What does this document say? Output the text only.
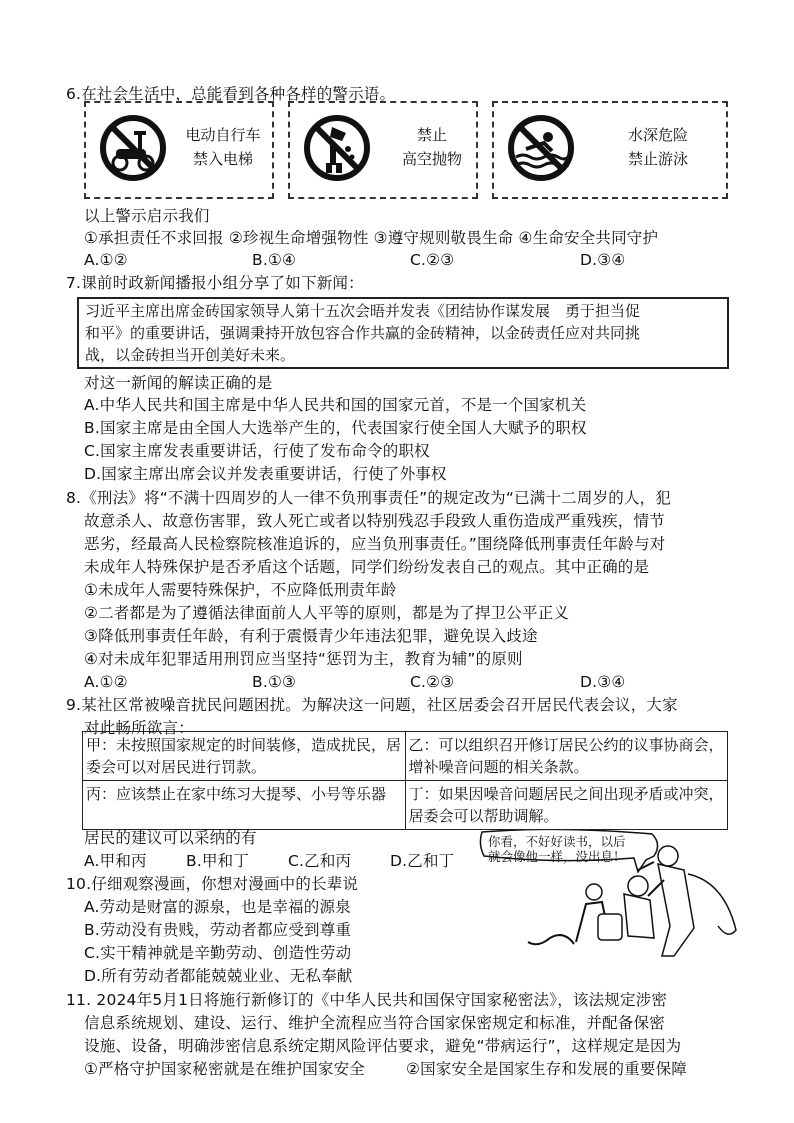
6.在社会生活中，总能看到各种各样的警示语。
电动自行车
禁入电梯
禁止
高空抛物
水深危险
禁止游泳
以上警示启示我们
①承担责任不求回报 ②珍视生命增强物性 ③遵守规则敬畏生命 ④生命安全共同守护
A.①②	B.①④	C.②③	D.③④
7.课前时政新闻播报小组分享了如下新闻：
习近平主席出席金砖国家领导人第十五次会晤并发表《团结协作谋发展　勇于担当促
和平》的重要讲话，强调秉持开放包容合作共赢的金砖精神，以金砖责任应对共同挑
战，以金砖担当开创美好未来。
对这一新闻的解读正确的是
A.中华人民共和国主席是中华人民共和国的国家元首，不是一个国家机关
B.国家主席是由全国人大选举产生的，代表国家行使全国人大赋予的职权
C.国家主席发表重要讲话，行使了发布命令的职权
D.国家主席出席会议并发表重要讲话，行使了外事权
8.《刑法》将“不满十四周岁的人一律不负刑事责任”的规定改为“已满十二周岁的人，犯
故意杀人、故意伤害罪，致人死亡或者以特别残忍手段致人重伤造成严重残疾，情节
恶劣，经最高人民检察院核准追诉的，应当负刑事责任。”围绕降低刑事责任年龄与对
未成年人特殊保护是否矛盾这个话题，同学们纷纷发表自己的观点。其中正确的是
①未成年人需要特殊保护，不应降低刑责年龄
②二者都是为了遵循法律面前人人平等的原则，都是为了捍卫公平正义
③降低刑事责任年龄，有利于震慑青少年违法犯罪，避免误入歧途
④对未成年犯罪适用刑罚应当坚持“惩罚为主，教育为辅”的原则
A.①②	B.①③	C.②③	D.③④
9.某社区常被噪音扰民问题困扰。为解决这一问题，社区居委会召开居民代表会议，大家
对此畅所欲言：
甲：未按照国家规定的时间装修，造成扰民，居委会可以对居民进行罚款。	乙：可以组织召开修订居民公约的议事协商会，增补噪音问题的相关条款。
丙：应该禁止在家中练习大提琴、小号等乐器	丁：如果因噪音问题居民之间出现矛盾或冲突，居委会可以帮助调解。
居民的建议可以采纳的有
A.甲和丙	B.甲和丁	C.乙和丙	D.乙和丁
10.仔细观察漫画，你想对漫画中的长辈说
A.劳动是财富的源泉，也是幸福的源泉
B.劳动没有贵贱，劳动者都应受到尊重
C.实干精神就是辛勤劳动、创造性劳动
D.所有劳动者都能兢兢业业、无私奉献
你看，不好好读书，以后
就会像他一样，没出息！
11. 2024年5月1日将施行新修订的《中华人民共和国保守国家秘密法》，该法规定涉密
信息系统规划、建设、运行、维护全流程应当符合国家保密规定和标准，并配备保密
设施、设备，明确涉密信息系统定期风险评估要求，避免“带病运行”，这样规定是因为
①严格守护国家秘密就是在维护国家安全	②国家安全是国家生存和发展的重要保障
